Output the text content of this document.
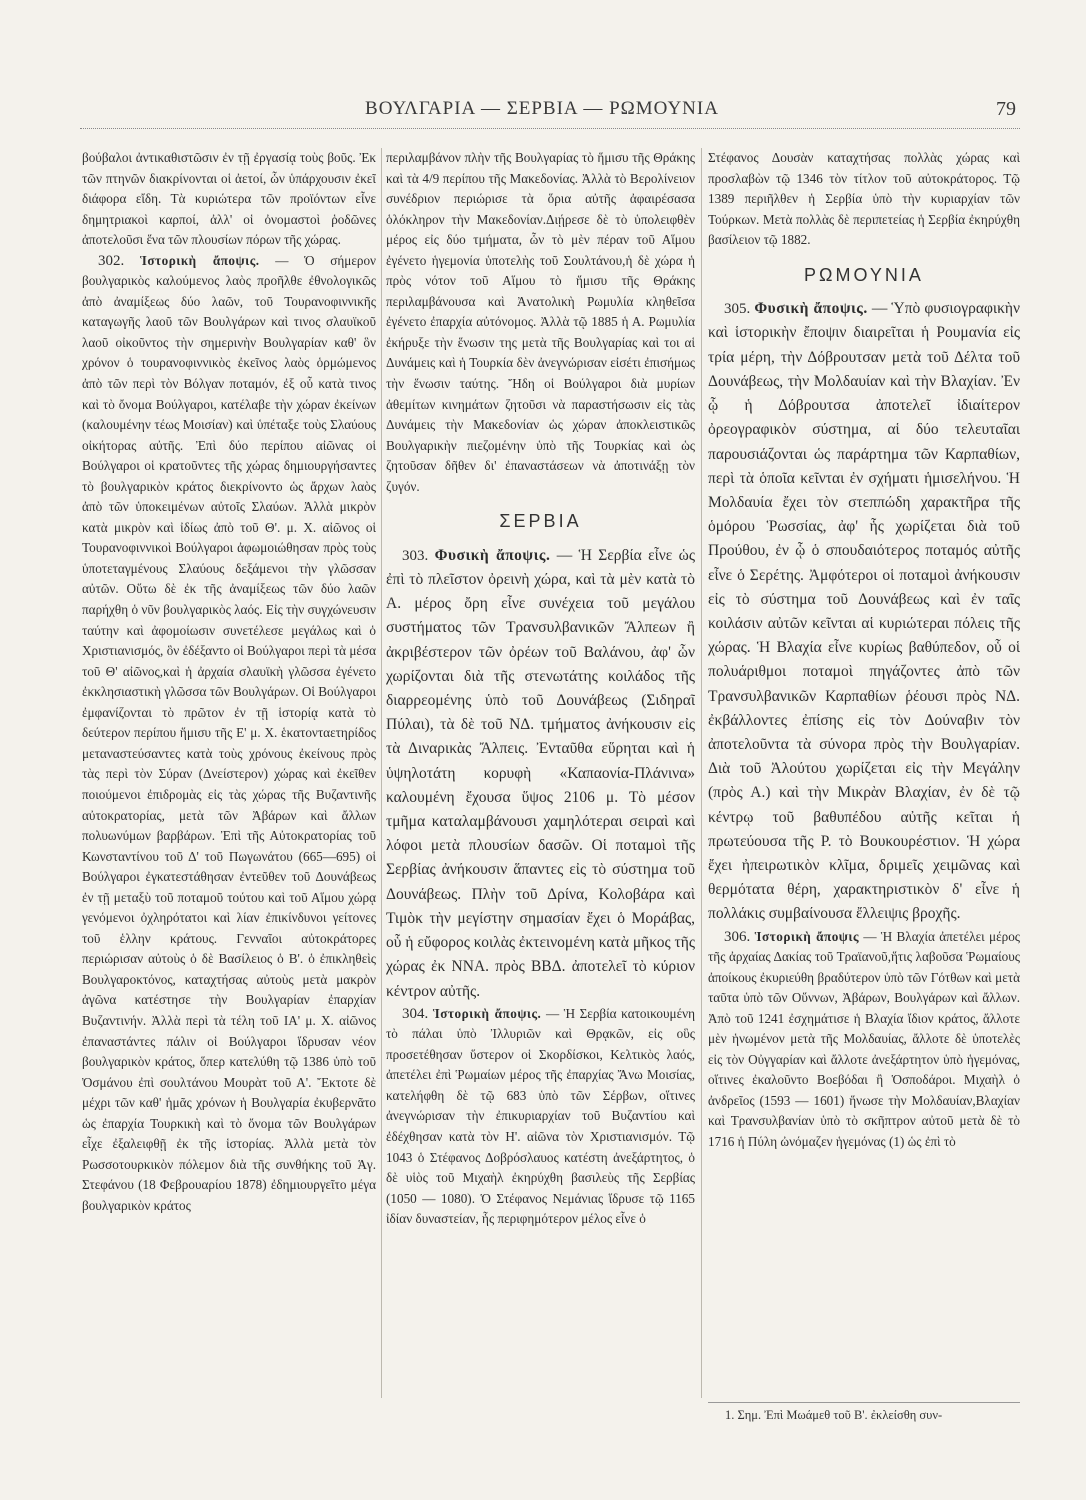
ΒΟΥΛΓΑΡΙΑ — ΣΕΡΒΙΑ — ΡΩΜΟΥΝΙΑ	79

βούβαλοι ἀντικαθιστῶσιν ἐν τῇ ἐργασίᾳ τοὺς βοῦς. Ἐκ τῶν πτηνῶν διακρίνονται οἱ ἀετοί, ὧν ὑπάρχουσιν ἐκεῖ διάφορα εἴδη. Τὰ κυριώτερα τῶν προϊόντων εἶνε δημητριακοὶ καρποί, ἀλλ' οἱ ὀνομαστοὶ ῥοδῶνες ἀποτελοῦσι ἕνα τῶν πλουσίων πόρων τῆς χώρας.

302. Ἱστορικὴ ἄποψις. — Ὁ σήμερον βουλγαρικὸς καλούμενος λαὸς προῆλθε ἐθνολογικῶς ἀπὸ ἀναμίξεως δύο λαῶν, τοῦ Τουρανοφιννικῆς καταγωγῆς λαοῦ τῶν Βουλγάρων καὶ τινος σλαυϊκοῦ λαοῦ οἰκοῦντος τὴν σημερινὴν Βουλγαρίαν καθ' ὃν χρόνον ὁ τουρανοφιννικὸς ἐκεῖνος λαὸς ὁρμώμενος ἀπὸ τῶν περὶ τὸν Βόλγαν ποταμόν, ἐξ οὗ κατὰ τινος καὶ τὸ ὄνομα Βούλγαροι, κατέλαβε τὴν χώραν ἐκείνων (καλουμένην τέως Μοισίαν) καὶ ὑπέταξε τοὺς Σλαύους οἰκήτορας αὐτῆς. Ἐπὶ δύο περίπου αἰῶνας οἱ Βούλγαροι οἱ κρατοῦντες τῆς χώρας δημιουργήσαντες τὸ βουλγαρικὸν κράτος διεκρίνοντο ὡς ἄρχων λαὸς ἀπὸ τῶν ὑποκειμένων αὐτοῖς Σλαύων. Ἀλλὰ μικρὸν κατὰ μικρὸν καὶ ἰδίως ἀπὸ τοῦ Θ'. μ. Χ. αἰῶνος οἱ Τουρανοφιννικοὶ Βούλγαροι ἀφωμοιώθησαν πρὸς τοὺς ὑποτεταγμένους Σλαύους δεξάμενοι τὴν γλῶσσαν αὐτῶν. Οὕτω δὲ ἐκ τῆς ἀναμίξεως τῶν δύο λαῶν παρήχθη ὁ νῦν βουλγαρικὸς λαός. Εἰς τὴν συγχώνευσιν ταύτην καὶ ἀφομοίωσιν συνετέλεσε μεγάλως καὶ ὁ Χριστιανισμός, ὃν ἐδέξαντο οἱ Βούλγαροι περὶ τὰ μέσα τοῦ Θ' αἰῶνος,καὶ ἡ ἀρχαία σλαυϊκὴ γλῶσσα ἐγένετο ἐκκλησιαστικὴ γλῶσσα τῶν Βουλγάρων. Οἱ Βούλγαροι ἐμφανίζονται τὸ πρῶτον ἐν τῇ ἱστορίᾳ κατὰ τὸ δεύτερον περίπου ἥμισυ τῆς Ε' μ. Χ. ἑκατονταετηρίδος μεταναστεύσαντες κατὰ τοὺς χρόνους ἐκείνους πρὸς τὰς περὶ τὸν Σύραν (Δνείστερον) χώρας καὶ ἐκεῖθεν ποιούμενοι ἐπιδρομὰς εἰς τὰς χώρας τῆς Βυζαντινῆς αὐτοκρατορίας, μετὰ τῶν Ἀβάρων καὶ ἄλλων πολυωνύμων βαρβάρων. Ἐπὶ τῆς Αὐτοκρατορίας τοῦ Κωνσταντίνου τοῦ Δ' τοῦ Πωγωνάτου (665—695) οἱ Βούλγαροι ἐγκατεστάθησαν ἐντεῦθεν τοῦ Δουνάβεως ἐν τῇ μεταξὺ τοῦ ποταμοῦ τούτου καὶ τοῦ Αἵμου χώρᾳ γενόμενοι ὀχληρότατοι καὶ λίαν ἐπικίνδυνοι γείτονες τοῦ ἑλλην κράτους. Γενναῖοι αὐτοκράτορες περιώρισαν αὐτοὺς ὁ δὲ Βασίλειος ὁ Β'. ὁ ἐπικληθεὶς Βουλγαροκτόνος, καταχτήσας αὐτοὺς μετὰ μακρὸν ἀγῶνα κατέστησε τὴν Βουλγαρίαν ἐπαρχίαν Βυζαντινήν. Ἀλλὰ περὶ τὰ τέλη τοῦ ΙΑ' μ. Χ. αἰῶνος ἐπαναστάντες πάλιν οἱ Βούλγαροι ἵδρυσαν νέον βουλγαρικὸν κράτος, ὅπερ κατελύθη τῷ 1386 ὑπὸ τοῦ Ὀσμάνου ἐπὶ σουλτάνου Μουρὰτ τοῦ Α'. Ἔκτοτε δὲ μέχρι τῶν καθ' ἡμᾶς χρόνων ἡ Βουλγαρία ἐκυβερνᾶτο ὡς ἐπαρχία Τουρκικὴ καὶ τὸ ὄνομα τῶν Βουλγάρων εἶχε ἐξαλειφθῇ ἐκ τῆς ἱστορίας. Ἀλλὰ μετὰ τὸν Ρωσσοτουρκικὸν πόλεμον διὰ τῆς συνθήκης τοῦ Ἁγ. Στεφάνου (18 Φεβρουαρίου 1878) ἐδημιουργεῖτο μέγα βουλγαρικὸν κράτος

περιλαμβάνον πλὴν τῆς Βουλγαρίας τὸ ἥμισυ τῆς Θράκης καὶ τὰ 4/9 περίπου τῆς Μακεδονίας. Ἀλλὰ τὸ Βερολίνειον συνέδριον περιώρισε τὰ ὅρια αὐτῆς ἀφαιρέσασα ὁλόκληρον τὴν Μακεδονίαν.Διῄρεσε δὲ τὸ ὑπολειφθὲν μέρος εἰς δύο τμήματα, ὧν τὸ μὲν πέραν τοῦ Αἵμου ἐγένετο ἡγεμονία ὑποτελὴς τοῦ Σουλτάνου,ἡ δὲ χώρα ἡ πρὸς νότον τοῦ Αἵμου τὸ ἥμισυ τῆς Θράκης περιλαμβάνουσα καὶ Ἀνατολικὴ Ρωμυλία κληθεῖσα ἐγένετο ἐπαρχία αὐτόνομος. Ἀλλὰ τῷ 1885 ἡ Α. Ρωμυλία ἐκήρυξε τὴν ἕνωσιν της μετὰ τῆς Βουλγαρίας καὶ τοι αἱ Δυνάμεις καὶ ἡ Τουρκία δὲν ἀνεγνώρισαν εἰσέτι ἐπισήμως τὴν ἕνωσιν ταύτης. Ἤδη οἱ Βούλγαροι διὰ μυρίων ἀθεμίτων κινημάτων ζητοῦσι νὰ παραστήσωσιν εἰς τὰς Δυνάμεις τὴν Μακεδονίαν ὡς χώραν ἀποκλειστικῶς Βουλγαρικὴν πιεζομένην ὑπὸ τῆς Τουρκίας καὶ ὡς ζητοῦσαν δῆθεν δι' ἐπαναστάσεων νὰ ἀποτινάξῃ τὸν ζυγόν.

ΣΕΡΒΙΑ

303. Φυσικὴ ἄποψις. — Ἡ Σερβία εἶνε ὡς ἐπὶ τὸ πλεῖστον ὀρεινὴ χώρα, καὶ τὰ μὲν κατὰ τὸ Α. μέρος ὄρη εἶνε συνέχεια τοῦ μεγάλου συστήματος τῶν Τρανσυλβανικῶν Ἄλπεων ἢ ἀκριβέστερον τῶν ὀρέων τοῦ Βαλάνου, ἀφ' ὧν χωρίζονται διὰ τῆς στενωτάτης κοιλάδος τῆς διαρρεομένης ὑπὸ τοῦ Δουνάβεως (Σιδηραῖ Πύλαι), τὰ δὲ τοῦ ΝΔ. τμήματος ἀνήκουσιν εἰς τὰ Διναρικὰς Ἄλπεις. Ἐνταῦθα εὕρηται καὶ ἡ ὑψηλοτάτη κορυφὴ «Καπαονία-Πλάνινα» καλουμένη ἔχουσα ὕψος 2106 μ. Τὸ μέσον τμῆμα καταλαμβάνουσι χαμηλότεραι σειραὶ καὶ λόφοι μετὰ πλουσίων δασῶν. Οἱ ποταμοὶ τῆς Σερβίας ἀνήκουσιν ἅπαντες εἰς τὸ σύστημα τοῦ Δουνάβεως. Πλὴν τοῦ Δρίνα, Κολοβάρα καὶ Τιμὸκ τὴν μεγίστην σημασίαν ἔχει ὁ Μοράβας, οὗ ἡ εὔφορος κοιλὰς ἐκτεινομένη κατὰ μῆκος τῆς χώρας ἐκ ΝΝΑ. πρὸς ΒΒΔ. ἀποτελεῖ τὸ κύριον κέντρον αὐτῆς.

304. Ἱστορικὴ ἄποψις. — Ἡ Σερβία κατοικουμένη τὸ πάλαι ὑπὸ Ἰλλυριῶν καὶ Θρᾳκῶν, εἰς οὓς προσετέθησαν ὕστερον οἱ Σκορδίσκοι, Κελτικὸς λαός, ἀπετέλει ἐπὶ Ῥωμαίων μέρος τῆς ἐπαρχίας Ἄνω Μοισίας, κατελήφθη δὲ τῷ 683 ὑπὸ τῶν Σέρβων, οἵτινες ἀνεγνώρισαν τὴν ἐπικυριαρχίαν τοῦ Βυζαντίου καὶ ἐδέχθησαν κατὰ τὸν Η'. αἰῶνα τὸν Χριστιανισμόν. Τῷ 1043 ὁ Στέφανος Δοβρόσλαυος κατέστη ἀνεξάρτητος, ὁ δὲ υἱὸς τοῦ Μιχαὴλ ἐκηρύχθη βασιλεὺς τῆς Σερβίας (1050 — 1080). Ὁ Στέφανος Νεμάνιας ἵδρυσε τῷ 1165 ἰδίαν δυναστείαν, ἧς περιφημότερον μέλος εἶνε ὁ

Στέφανος Δουσὰν καταχτήσας πολλὰς χώρας καὶ προσλαβὼν τῷ 1346 τὸν τίτλον τοῦ αὐτοκράτορος. Τῷ 1389 περιῆλθεν ἡ Σερβία ὑπὸ τὴν κυριαρχίαν τῶν Τούρκων. Μετὰ πολλὰς δὲ περιπετείας ἡ Σερβία ἐκηρύχθη βασίλειον τῷ 1882.

ΡΩΜΟΥΝΙΑ

305. Φυσικὴ ἄποψις. — Ὑπὸ φυσιογραφικὴν καὶ ἱστορικὴν ἔποψιν διαιρεῖται ἡ Ρουμανία εἰς τρία μέρη, τὴν Δόβρουτσαν μετὰ τοῦ Δέλτα τοῦ Δουνάβεως, τὴν Μολδαυίαν καὶ τὴν Βλαχίαν. Ἐν ᾧ ἡ Δόβρουτσα ἀποτελεῖ ἰδιαίτερον ὀρεογραφικὸν σύστημα, αἱ δύο τελευταῖαι παρουσιάζονται ὡς παράρτημα τῶν Καρπαθίων, περὶ τὰ ὁποῖα κεῖνται ἐν σχήματι ἡμισελήνου. Ἡ Μολδαυία ἔχει τὸν στεππώδη χαρακτῆρα τῆς ὁμόρου Ῥωσσίας, ἀφ' ἧς χωρίζεται διὰ τοῦ Προύθου, ἐν ᾧ ὁ σπουδαιότερος ποταμός αὐτῆς εἶνε ὁ Σερέτης. Ἀμφότεροι οἱ ποταμοὶ ἀνήκουσιν εἰς τὸ σύστημα τοῦ Δουνάβεως καὶ ἐν ταῖς κοιλάσιν αὐτῶν κεῖνται αἱ κυριώτεραι πόλεις τῆς χώρας. Ἡ Βλαχία εἶνε κυρίως βαθύπεδον, οὗ οἱ πολυάριθμοι ποταμοὶ πηγάζοντες ἀπὸ τῶν Τρανσυλβανικῶν Καρπαθίων ῥέουσι πρὸς ΝΔ. ἐκβάλλοντες ἐπίσης εἰς τὸν Δούναβιν τὸν ἀποτελοῦντα τὰ σύνορα πρὸς τὴν Βουλγαρίαν. Διὰ τοῦ Ἀλούτου χωρίζεται εἰς τὴν Μεγάλην (πρὸς Α.) καὶ τὴν Μικρὰν Βλαχίαν, ἐν δὲ τῷ κέντρῳ τοῦ βαθυπέδου αὐτῆς κεῖται ἡ πρωτεύουσα τῆς Ρ. τὸ Βουκουρέστιον. Ἡ χώρα ἔχει ἠπειρωτικὸν κλῖμα, δριμεῖς χειμῶνας καὶ θερμότατα θέρη, χαρακτηριστικὸν δ' εἶνε ἡ πολλάκις συμβαίνουσα ἔλλειψις βροχῆς.

306. Ἱστορικὴ ἄποψις — Ἡ Βλαχία ἀπετέλει μέρος τῆς ἀρχαίας Δακίας τοῦ Τραϊανοῦ,ἥτις λαβοῦσα Ῥωμαίους ἀποίκους ἐκυριεύθη βραδύτερον ὑπὸ τῶν Γότθων καὶ μετὰ ταῦτα ὑπὸ τῶν Οὕννων, Ἀβάρων, Βουλγάρων καὶ ἄλλων. Ἀπὸ τοῦ 1241 ἐσχημάτισε ἡ Βλαχία ἴδιον κράτος, ἄλλοτε μὲν ἡνωμένον μετὰ τῆς Μολδαυίας, ἄλλοτε δὲ ὑποτελὲς εἰς τὸν Οὐγγαρίαν καὶ ἄλλοτε ἀνεξάρτητον ὑπὸ ἡγεμόνας, οἵτινες ἐκαλοῦντο Βοεβόδαι ἢ Ὁσποδάροι. Μιχαὴλ ὁ ἀνδρεῖος (1593 — 1601) ἥνωσε τὴν Μολδαυίαν,Βλαχίαν καὶ Τρανσυλβανίαν ὑπὸ τὸ σκῆπτρον αὐτοῦ μετὰ δὲ τὸ 1716 ἡ Πύλη ὠνόμαζεν ἡγεμόνας (1) ὡς ἐπὶ τὸ

1. Σημ. Ἐπὶ Μωάμεθ τοῦ Β'. ἐκλείσθη συν-
